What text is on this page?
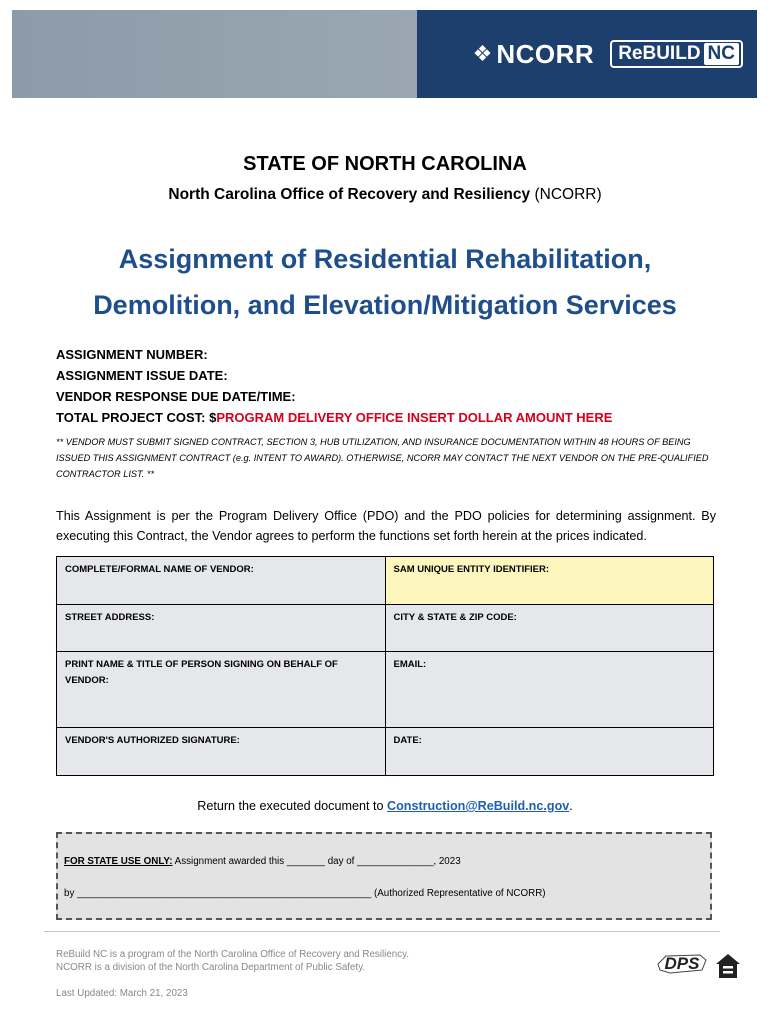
❖ NCORR ReBUILD NC
STATE OF NORTH CAROLINA
North Carolina Office of Recovery and Resiliency (NCORR)
Assignment of Residential Rehabilitation,
Demolition, and Elevation/Mitigation Services
ASSIGNMENT NUMBER:
ASSIGNMENT ISSUE DATE:
VENDOR RESPONSE DUE DATE/TIME:
TOTAL PROJECT COST: $PROGRAM DELIVERY OFFICE INSERT DOLLAR AMOUNT HERE
** VENDOR MUST SUBMIT SIGNED CONTRACT, SECTION 3, HUB UTILIZATION, AND INSURANCE DOCUMENTATION WITHIN 48 HOURS OF BEING ISSUED THIS ASSIGNMENT CONTRACT (e.g. INTENT TO AWARD). OTHERWISE, NCORR MAY CONTACT THE NEXT VENDOR ON THE PRE-QUALIFIED CONTRACTOR LIST. **
This Assignment is per the Program Delivery Office (PDO) and the PDO policies for determining assignment. By executing this Contract, the Vendor agrees to perform the functions set forth herein at the prices indicated.
COMPLETE/FORMAL NAME OF VENDOR:	SAM UNIQUE ENTITY IDENTIFIER:
STREET ADDRESS:	CITY & STATE & ZIP CODE:
PRINT NAME & TITLE OF PERSON SIGNING ON BEHALF OF VENDOR:	EMAIL:
VENDOR'S AUTHORIZED SIGNATURE:	DATE:
Return the executed document to Construction@ReBuild.nc.gov.
FOR STATE USE ONLY: Assignment awarded this _______ day of ______________, 2023
by ______________________________________________________ (Authorized Representative of NCORR)
ReBuild NC is a program of the North Carolina Office of Recovery and Resiliency.
NCORR is a division of the North Carolina Department of Public Safety.
Last Updated: March 21, 2023
DPS
